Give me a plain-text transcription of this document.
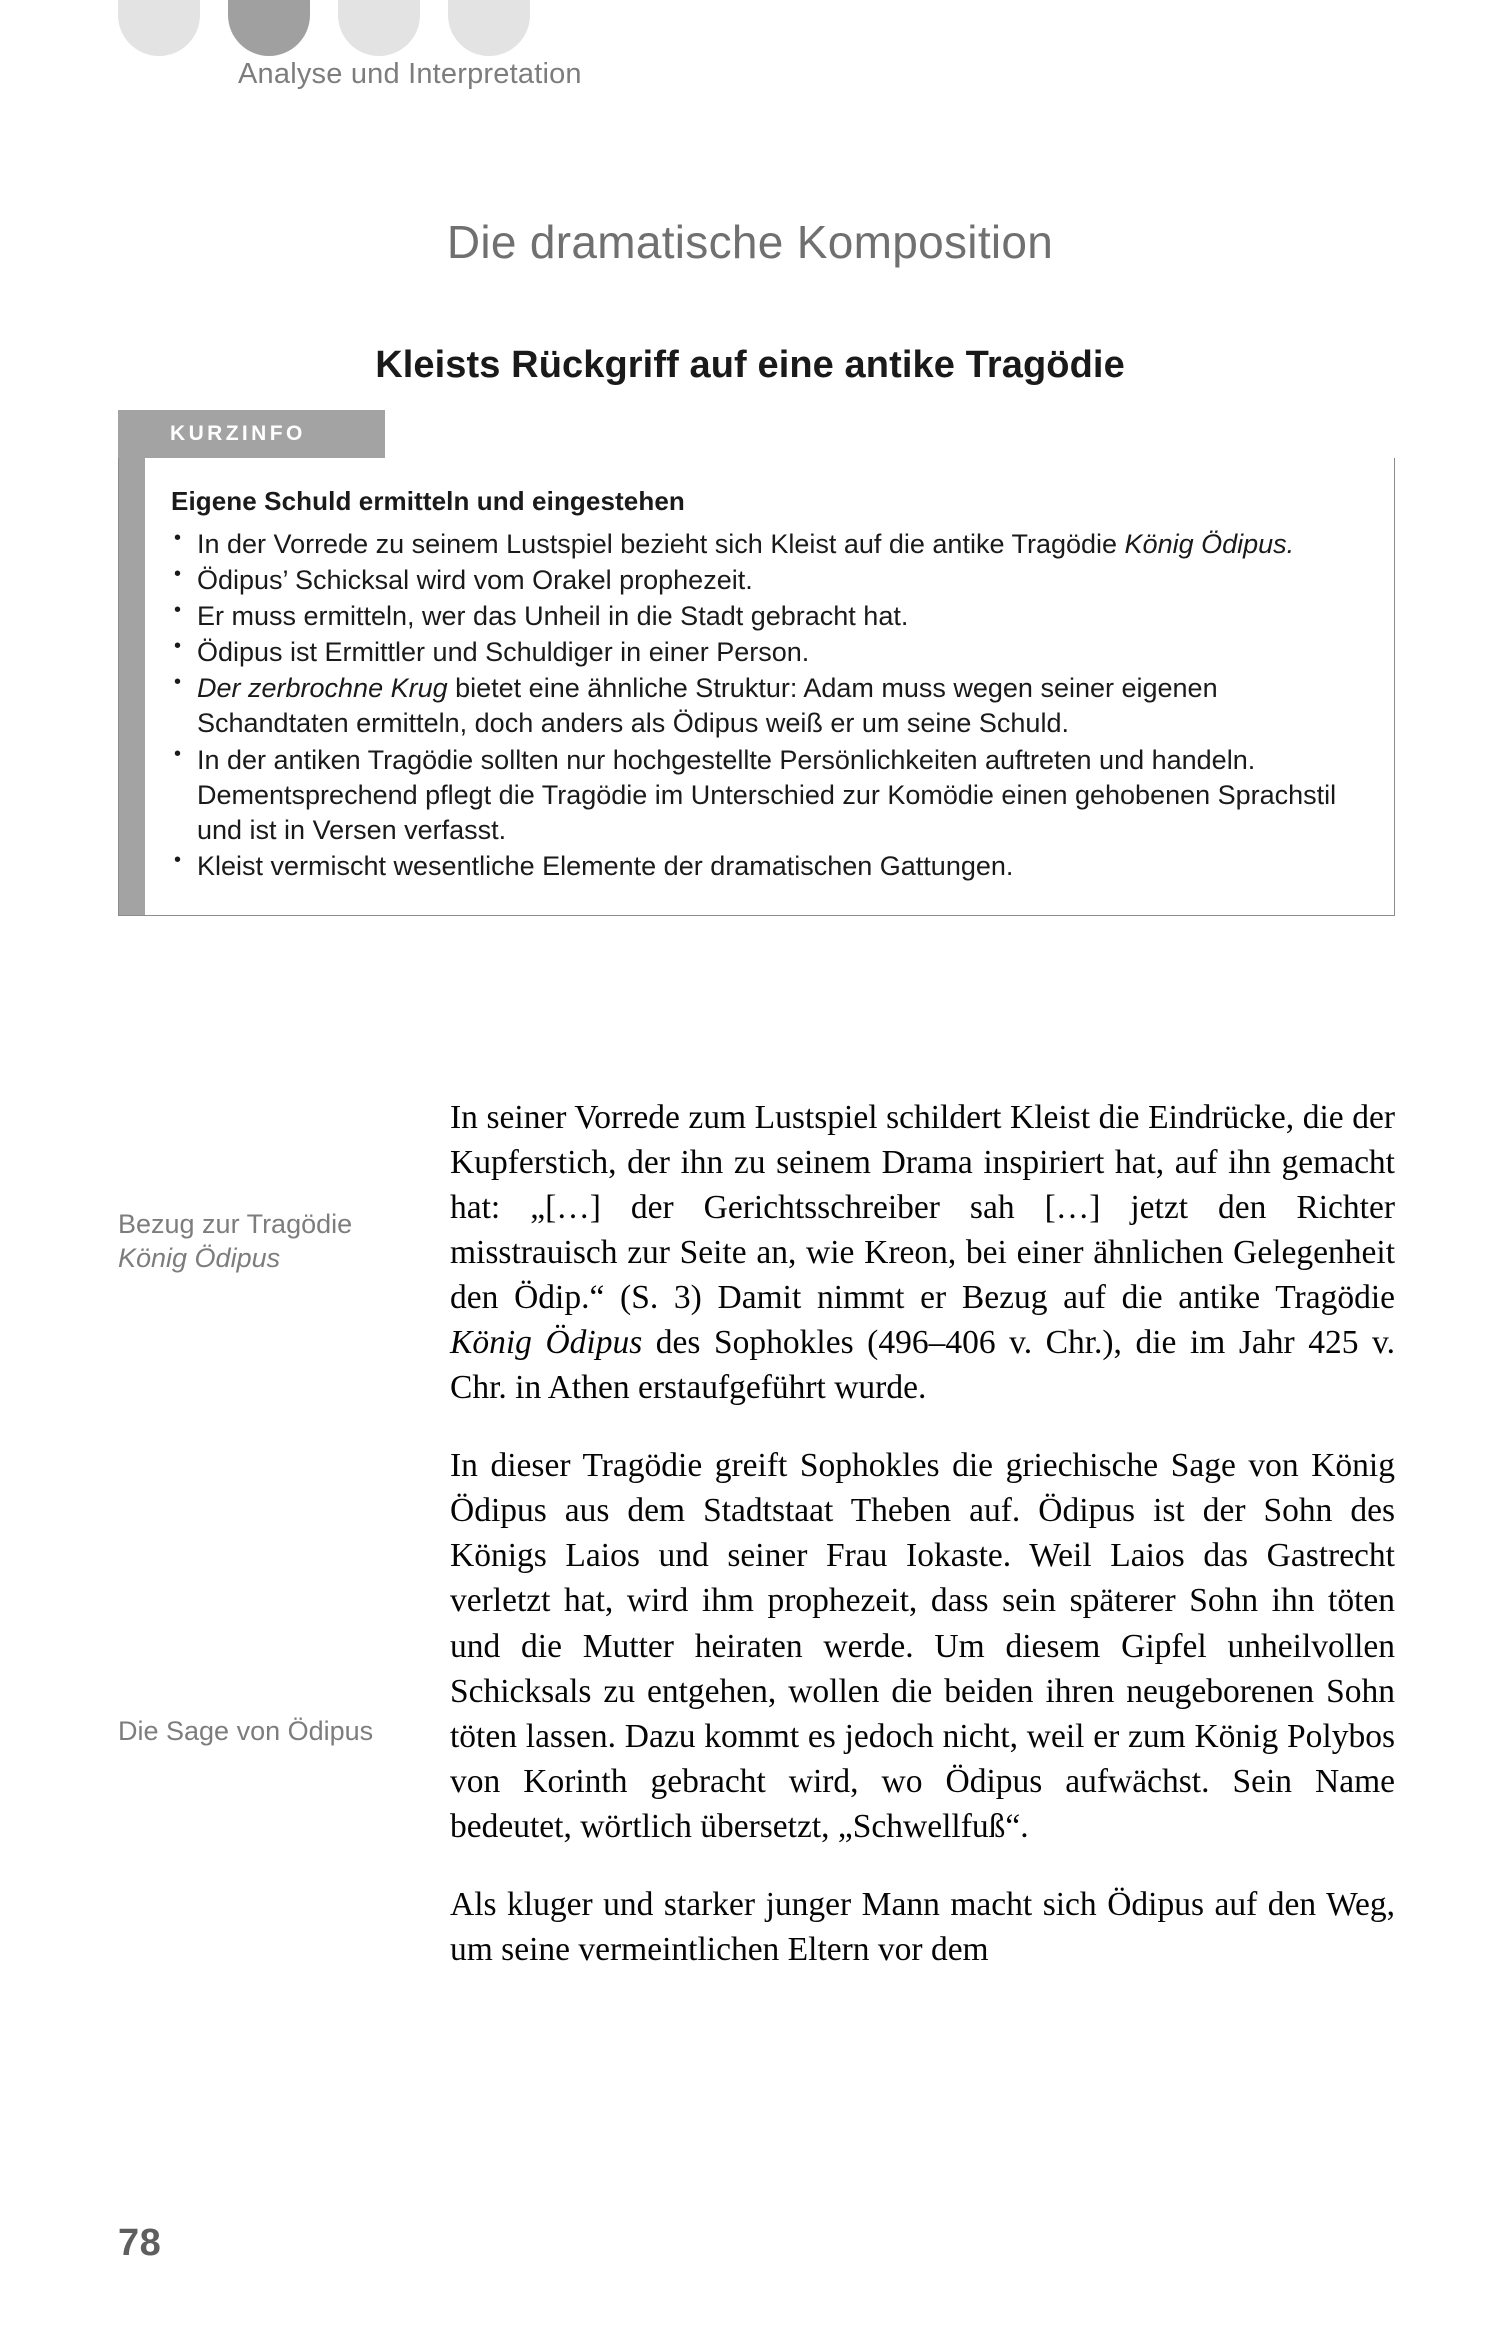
Analyse und Interpretation
Die dramatische Komposition
Kleists Rückgriff auf eine antike Tragödie
KURZINFO
Eigene Schuld ermitteln und eingestehen
• In der Vorrede zu seinem Lustspiel bezieht sich Kleist auf die antike Tragödie König Ödipus.
• Ödipus’ Schicksal wird vom Orakel prophezeit.
• Er muss ermitteln, wer das Unheil in die Stadt gebracht hat.
• Ödipus ist Ermittler und Schuldiger in einer Person.
• Der zerbrochne Krug bietet eine ähnliche Struktur: Adam muss wegen seiner eigenen Schandtaten ermitteln, doch anders als Ödipus weiß er um seine Schuld.
• In der antiken Tragödie sollten nur hochgestellte Persönlichkeiten auftreten und handeln. Dementsprechend pflegt die Tragödie im Unterschied zur Komödie einen gehobenen Sprachstil und ist in Versen verfasst.
• Kleist vermischt wesentliche Elemente der dramatischen Gattungen.
Bezug zur Tragödie König Ödipus
Die Sage von Ödipus

In seiner Vorrede zum Lustspiel schildert Kleist die Eindrücke, die der Kupferstich, der ihn zu seinem Drama inspiriert hat, auf ihn gemacht hat: „[…] der Gerichtsschreiber sah […] jetzt den Richter misstrauisch zur Seite an, wie Kreon, bei einer ähnlichen Gelegenheit den Ödip.“ (S. 3) Damit nimmt er Bezug auf die antike Tragödie König Ödipus des Sophokles (496–406 v. Chr.), die im Jahr 425 v. Chr. in Athen erstaufgeführt wurde.

In dieser Tragödie greift Sophokles die griechische Sage von König Ödipus aus dem Stadtstaat Theben auf. Ödipus ist der Sohn des Königs Laios und seiner Frau Iokaste. Weil Laios das Gastrecht verletzt hat, wird ihm prophezeit, dass sein späterer Sohn ihn töten und die Mutter heiraten werde. Um diesem Gipfel unheilvollen Schicksals zu entgehen, wollen die beiden ihren neugeborenen Sohn töten lassen. Dazu kommt es jedoch nicht, weil er zum König Polybos von Korinth gebracht wird, wo Ödipus aufwächst. Sein Name bedeutet, wörtlich übersetzt, „Schwellfuß“.

Als kluger und starker junger Mann macht sich Ödipus auf den Weg, um seine vermeintlichen Eltern vor dem

78
